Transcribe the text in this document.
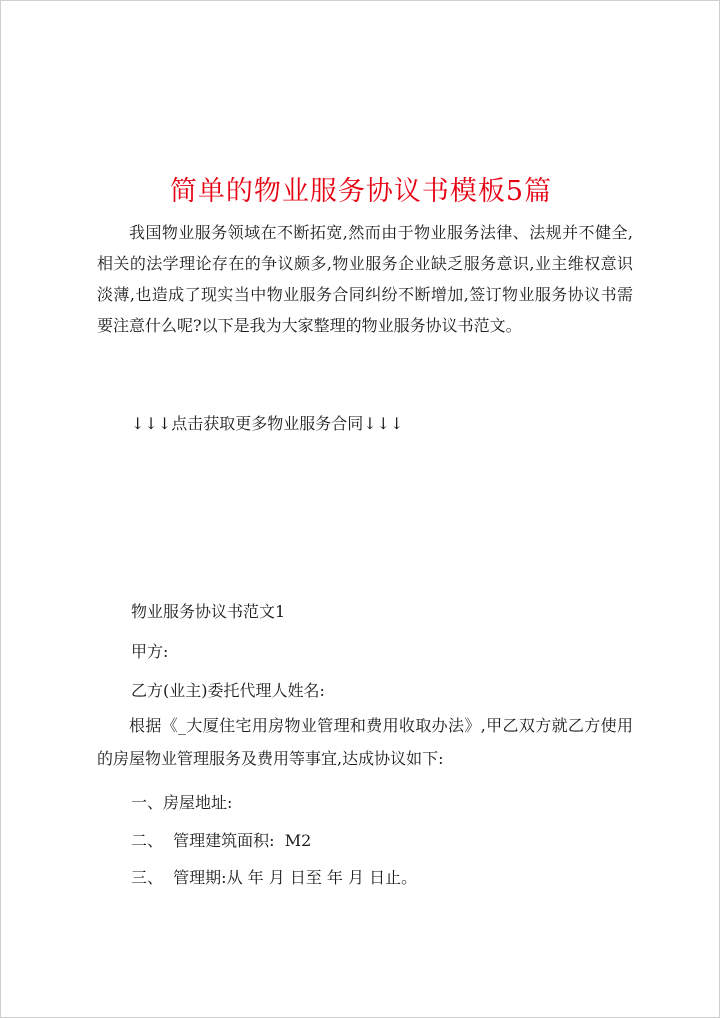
简单的物业服务协议书模板5篇

我国物业服务领域在不断拓宽,然而由于物业服务法律、法规并不健全,相关的法学理论存在的争议颇多,物业服务企业缺乏服务意识,业主维权意识淡薄,也造成了现实当中物业服务合同纠纷不断增加,签订物业服务协议书需要注意什么呢?以下是我为大家整理的物业服务协议书范文。

↓↓↓点击获取更多物业服务合同↓↓↓

物业服务协议书范文1

甲方:

乙方(业主)委托代理人姓名:

根据《_大厦住宅用房物业管理和费用收取办法》,甲乙双方就乙方使用的房屋物业管理服务及费用等事宜,达成协议如下:

一、房屋地址:

二、  管理建筑面积:  M2

三、  管理期:从 年 月 日至 年 月 日止。
